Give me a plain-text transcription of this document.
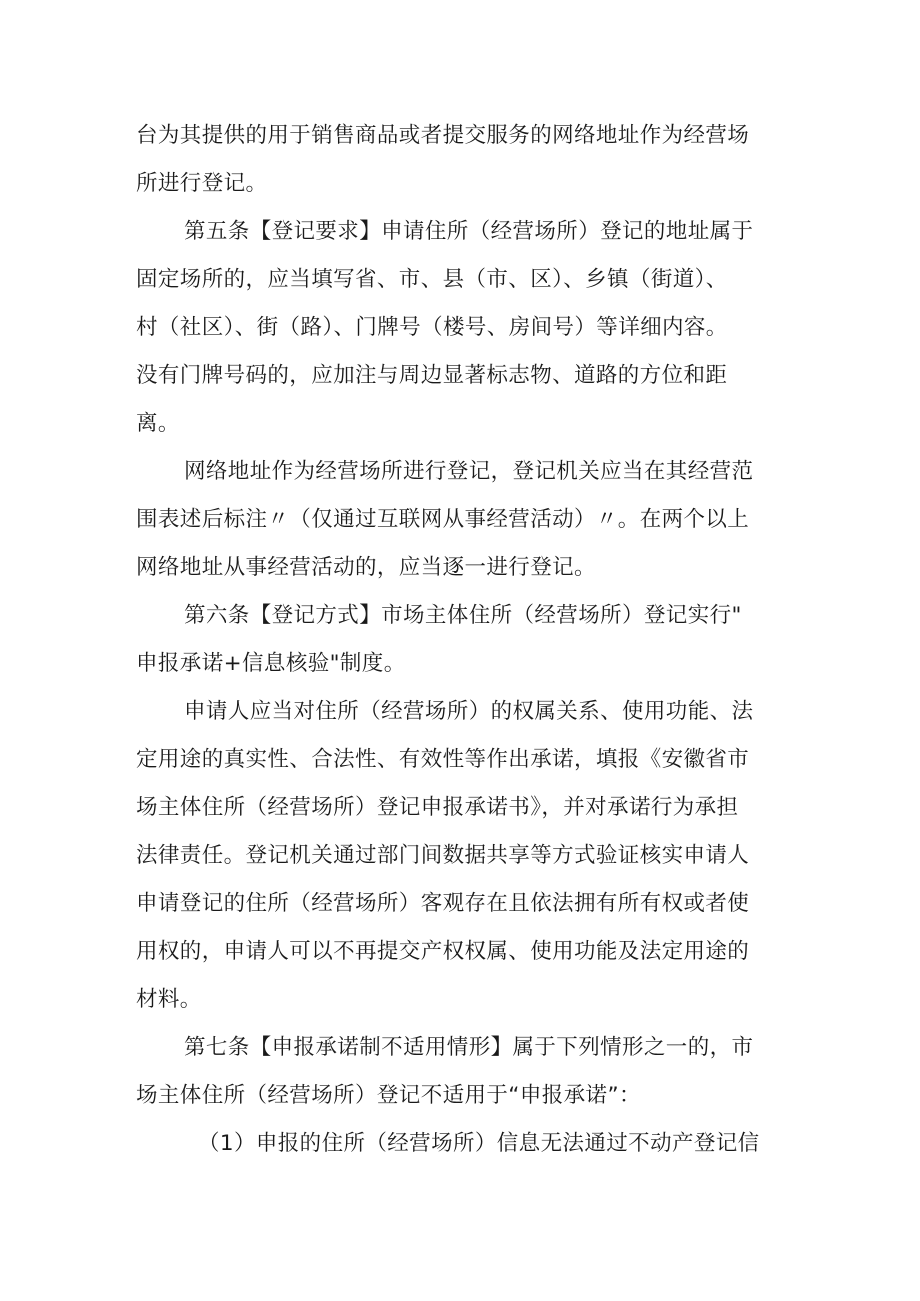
台为其提供的用于销售商品或者提交服务的网络地址作为经营场
所进行登记。
第五条【登记要求】申请住所（经营场所）登记的地址属于
固定场所的，应当填写省、市、县（市、区）、乡镇（街道）、
村（社区）、街（路）、门牌号（楼号、房间号）等详细内容。
没有门牌号码的，应加注与周边显著标志物、道路的方位和距
离。
网络地址作为经营场所进行登记，登记机关应当在其经营范
围表述后标注〃（仅通过互联网从事经营活动）〃。在两个以上
网络地址从事经营活动的，应当逐一进行登记。
第六条【登记方式】市场主体住所（经营场所）登记实行"
申报承诺+信息核验"制度。
申请人应当对住所（经营场所）的权属关系、使用功能、法
定用途的真实性、合法性、有效性等作出承诺，填报《安徽省市
场主体住所（经营场所）登记申报承诺书》，并对承诺行为承担
法律责任。登记机关通过部门间数据共享等方式验证核实申请人
申请登记的住所（经营场所）客观存在且依法拥有所有权或者使
用权的，申请人可以不再提交产权权属、使用功能及法定用途的
材料。
第七条【申报承诺制不适用情形】属于下列情形之一的，市
场主体住所（经营场所）登记不适用于“申报承诺”：
（1）申报的住所（经营场所）信息无法通过不动产登记信
